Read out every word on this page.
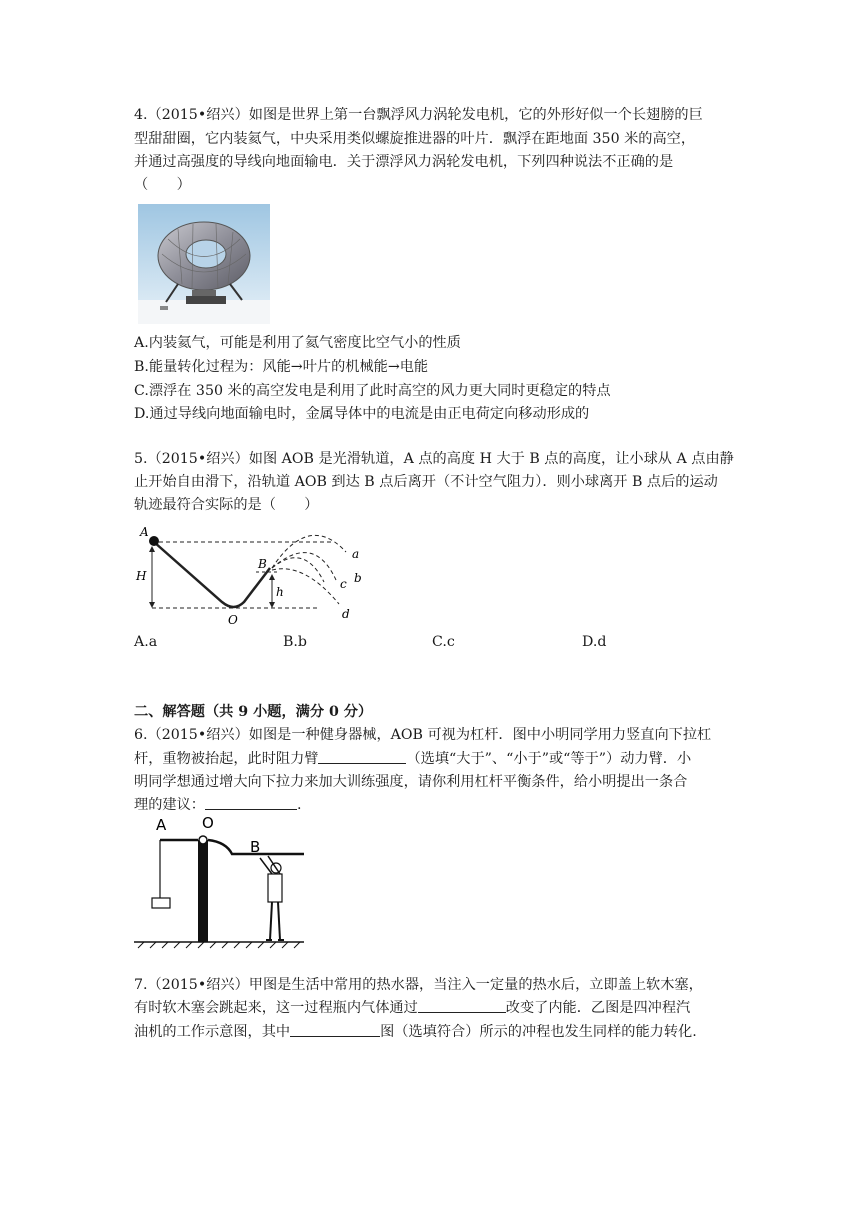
4.（2015•绍兴）如图是世界上第一台飘浮风力涡轮发电机，它的外形好似一个长翅膀的巨
型甜甜圈，它内装氦气，中央采用类似螺旋推进器的叶片．飘浮在距地面 350 米的高空，
并通过高强度的导线向地面输电．关于漂浮风力涡轮发电机，下列四种说法不正确的是
（　　）
A.内装氦气，可能是利用了氦气密度比空气小的性质
B.能量转化过程为：风能→叶片的机械能→电能
C.漂浮在 350 米的高空发电是利用了此时高空的风力更大同时更稳定的特点
D.通过导线向地面输电时，金属导体中的电流是由正电荷定向移动形成的
5.（2015•绍兴）如图 AOB 是光滑轨道，A 点的高度 H 大于 B 点的高度，让小球从 A 点由静
止开始自由滑下，沿轨道 AOB 到达 B 点后离开（不计空气阻力）．则小球离开 B 点后的运动
轨迹最符合实际的是（　　）
A
H
B
h
O
a
b
c
d
A.a	B.b	C.c	D.d
二、解答题（共 9 小题，满分 0 分）
6.（2015•绍兴）如图是一种健身器械，AOB 可视为杠杆．图中小明同学用力竖直向下拉杠
杆，重物被抬起，此时阻力臂	（选填“大于”、“小于”或“等于”）动力臂．小
明同学想通过增大向下拉力来加大训练强度，请你利用杠杆平衡条件，给小明提出一条合
理的建议：	.
A O
B
7.（2015•绍兴）甲图是生活中常用的热水器，当注入一定量的热水后，立即盖上软木塞，
有时软木塞会跳起来，这一过程瓶内气体通过	改变了内能．乙图是四冲程汽
油机的工作示意图，其中	图（选填符合）所示的冲程也发生同样的能力转化.
